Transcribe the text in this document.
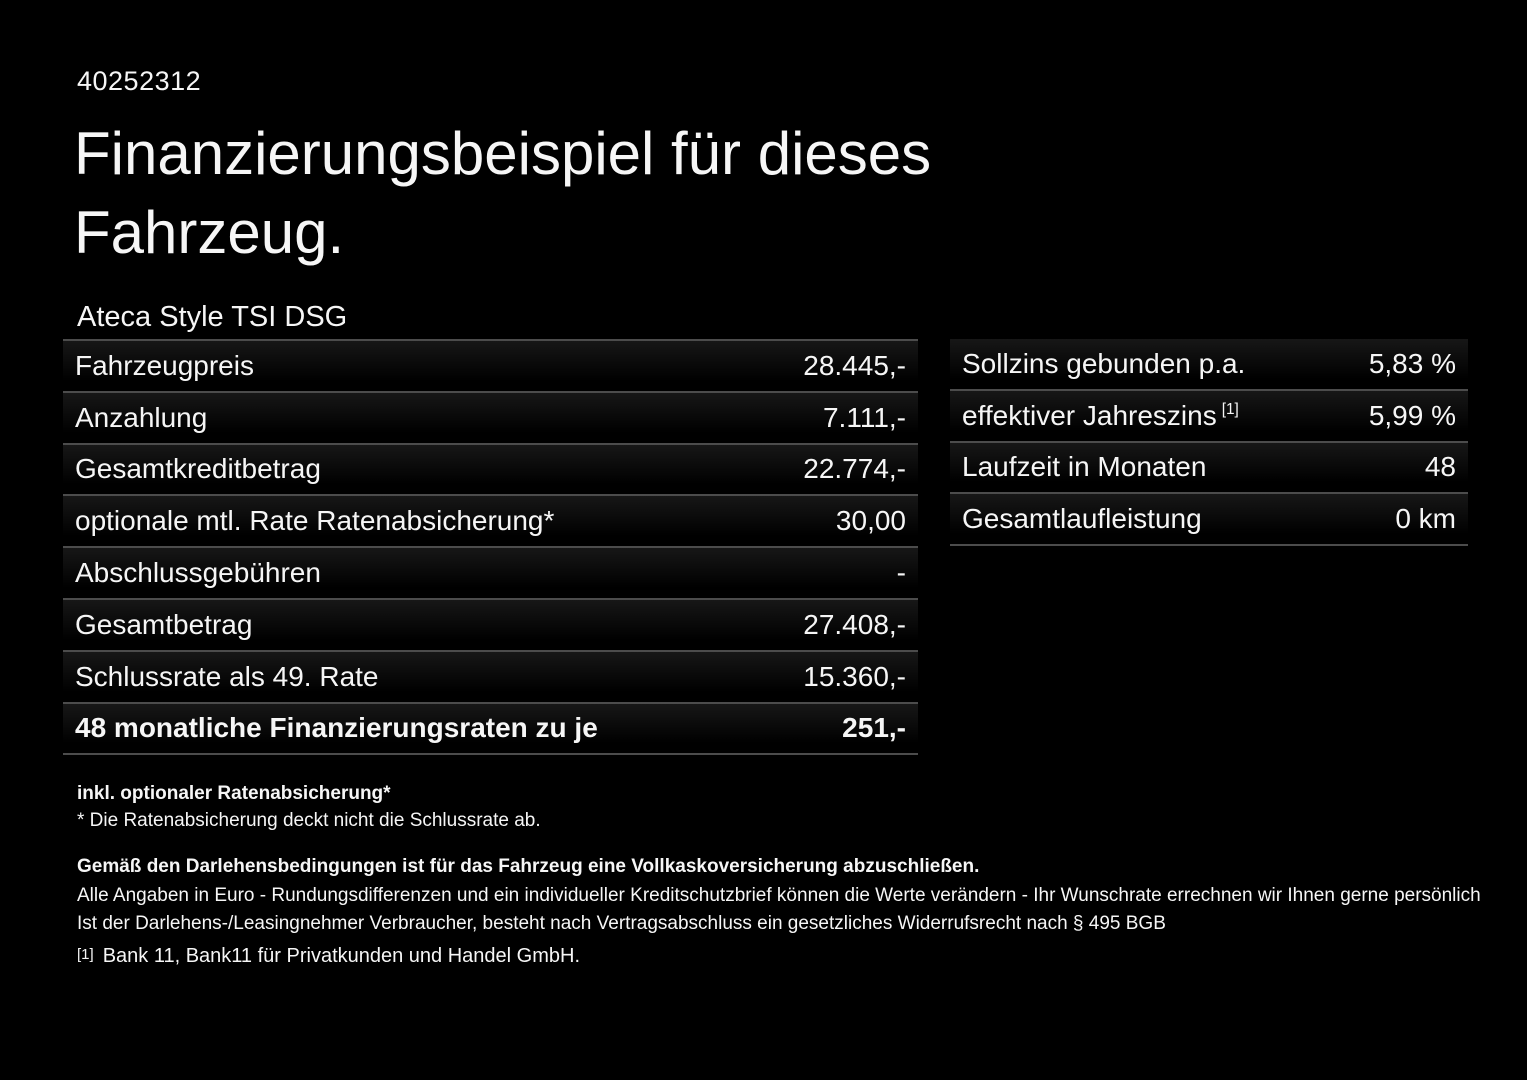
40252312
Finanzierungsbeispiel für dieses Fahrzeug.
Ateca Style TSI DSG
Fahrzeugpreis	28.445,-
Anzahlung	7.111,-
Gesamtkreditbetrag	22.774,-
optionale mtl. Rate Ratenabsicherung*	30,00
Abschlussgebühren	-
Gesamtbetrag	27.408,-
Schlussrate als 49. Rate	15.360,-
48 monatliche Finanzierungsraten zu je	251,-
Sollzins gebunden p.a.	5,83 %
effektiver Jahreszins [1]	5,99 %
Laufzeit in Monaten	48
Gesamtlaufleistung	0 km
inkl. optionaler Ratenabsicherung*
* Die Ratenabsicherung deckt nicht die Schlussrate ab.
Gemäß den Darlehensbedingungen ist für das Fahrzeug eine Vollkaskoversicherung abzuschließen.
Alle Angaben in Euro - Rundungsdifferenzen und ein individueller Kreditschutzbrief können die Werte verändern - Ihr Wunschrate errechnen wir Ihnen gerne persönlich
Ist der Darlehens-/Leasingnehmer Verbraucher, besteht nach Vertragsabschluss ein gesetzliches Widerrufsrecht nach § 495 BGB
[1] Bank 11, Bank11 für Privatkunden und Handel GmbH.
